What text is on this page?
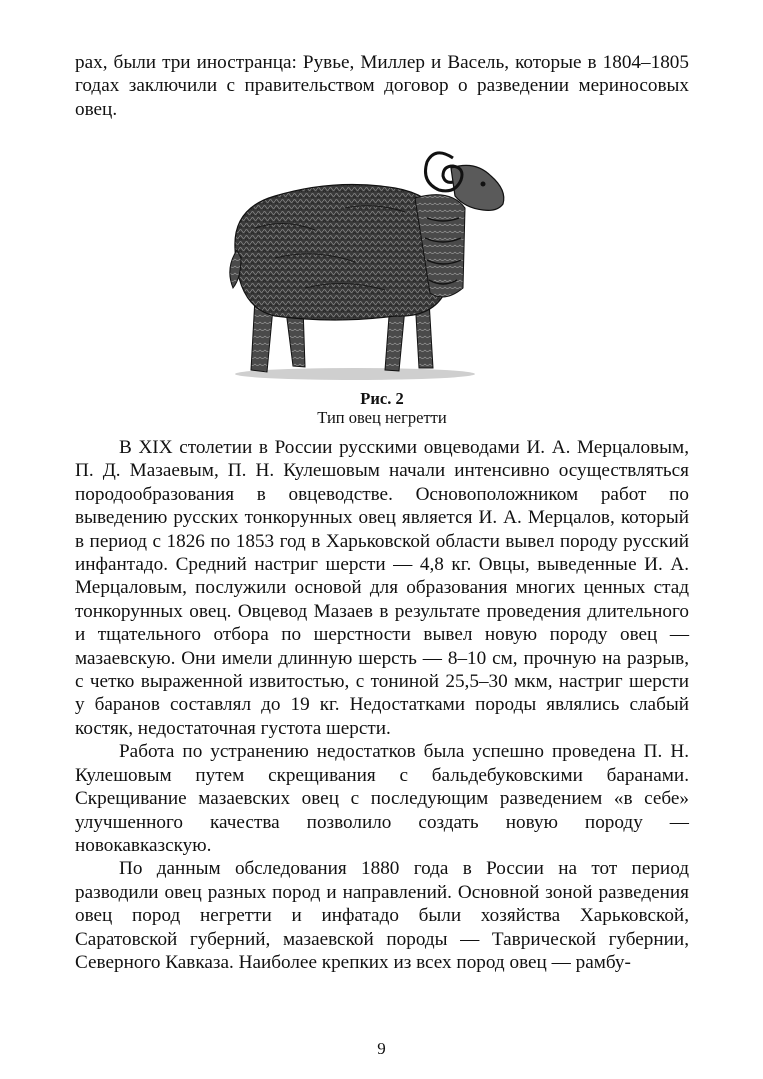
рах, были три иностранца: Рувье, Миллер и Васель, которые в 1804–1805 годах заключили с правительством договор о разведении мериносовых овец.

Рис. 2
Тип овец негретти

В XIX столетии в России русскими овцеводами И. А. Мерцаловым, П. Д. Мазаевым, П. Н. Кулешовым начали интенсивно осуществляться породообразования в овцеводстве. Основоположником работ по выведению русских тонкорунных овец является И. А. Мерцалов, который в период с 1826 по 1853 год в Харьковской области вывел породу русский инфантадо. Средний настриг шерсти — 4,8 кг. Овцы, выведенные И. А. Мерцаловым, послужили основой для образования многих ценных стад тонкорунных овец. Овцевод Мазаев в результате проведения длительного и тщательного отбора по шерстности вывел новую породу овец — мазаевскую. Они имели длинную шерсть — 8–10 см, прочную на разрыв, с четко выраженной извитостью, с тониной 25,5–30 мкм, настриг шерсти у баранов составлял до 19 кг. Недостатками породы являлись слабый костяк, недостаточная густота шерсти.

Работа по устранению недостатков была успешно проведена П. Н. Кулешовым путем скрещивания с бальдебуковскими баранами. Скрещивание мазаевских овец с последующим разведением «в себе» улучшенного качества позволило создать новую породу — новокавказскую.

По данным обследования 1880 года в России на тот период разводили овец разных пород и направлений. Основной зоной разведения овец пород негретти и инфатадо были хозяйства Харьковской, Саратовской губерний, мазаевской породы — Таврической губернии, Северного Кавказа. Наиболее крепких из всех пород овец — рамбу-

9
